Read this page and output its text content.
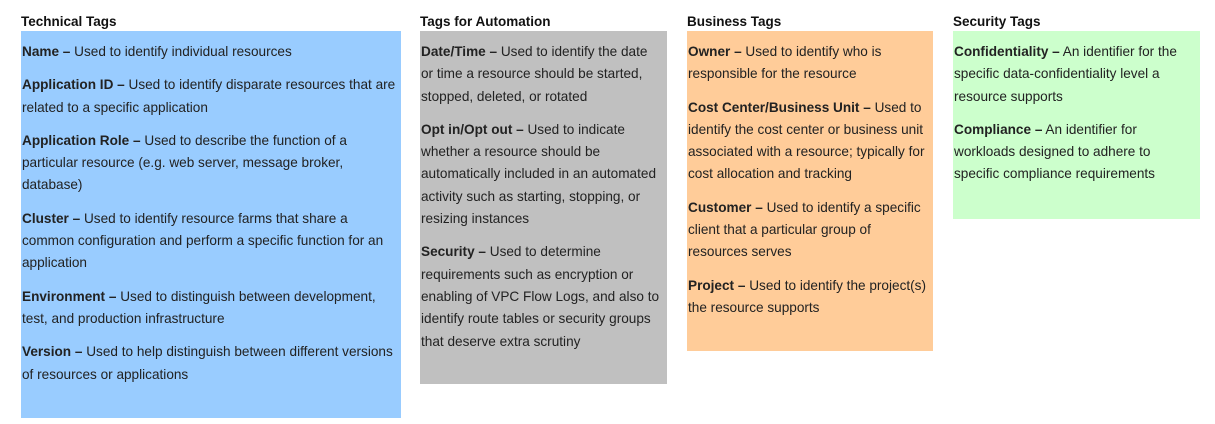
Technical Tags

Name – Used to identify individual resources

Application ID – Used to identify disparate resources that are related to a specific application

Application Role – Used to describe the function of a particular resource (e.g. web server, message broker, database)

Cluster – Used to identify resource farms that share a common configuration and perform a specific function for an application

Environment – Used to distinguish between development, test, and production infrastructure

Version – Used to help distinguish between different versions of resources or applications

Tags for Automation

Date/Time – Used to identify the date or time a resource should be started, stopped, deleted, or rotated

Opt in/Opt out – Used to indicate whether a resource should be automatically included in an automated activity such as starting, stopping, or resizing instances

Security – Used to determine requirements such as encryption or enabling of VPC Flow Logs, and also to identify route tables or security groups that deserve extra scrutiny

Business Tags

Owner – Used to identify who is responsible for the resource

Cost Center/Business Unit – Used to identify the cost center or business unit associated with a resource; typically for cost allocation and tracking

Customer – Used to identify a specific client that a particular group of resources serves

Project – Used to identify the project(s) the resource supports

Security Tags

Confidentiality – An identifier for the specific data-confidentiality level a resource supports

Compliance – An identifier for workloads designed to adhere to specific compliance requirements
